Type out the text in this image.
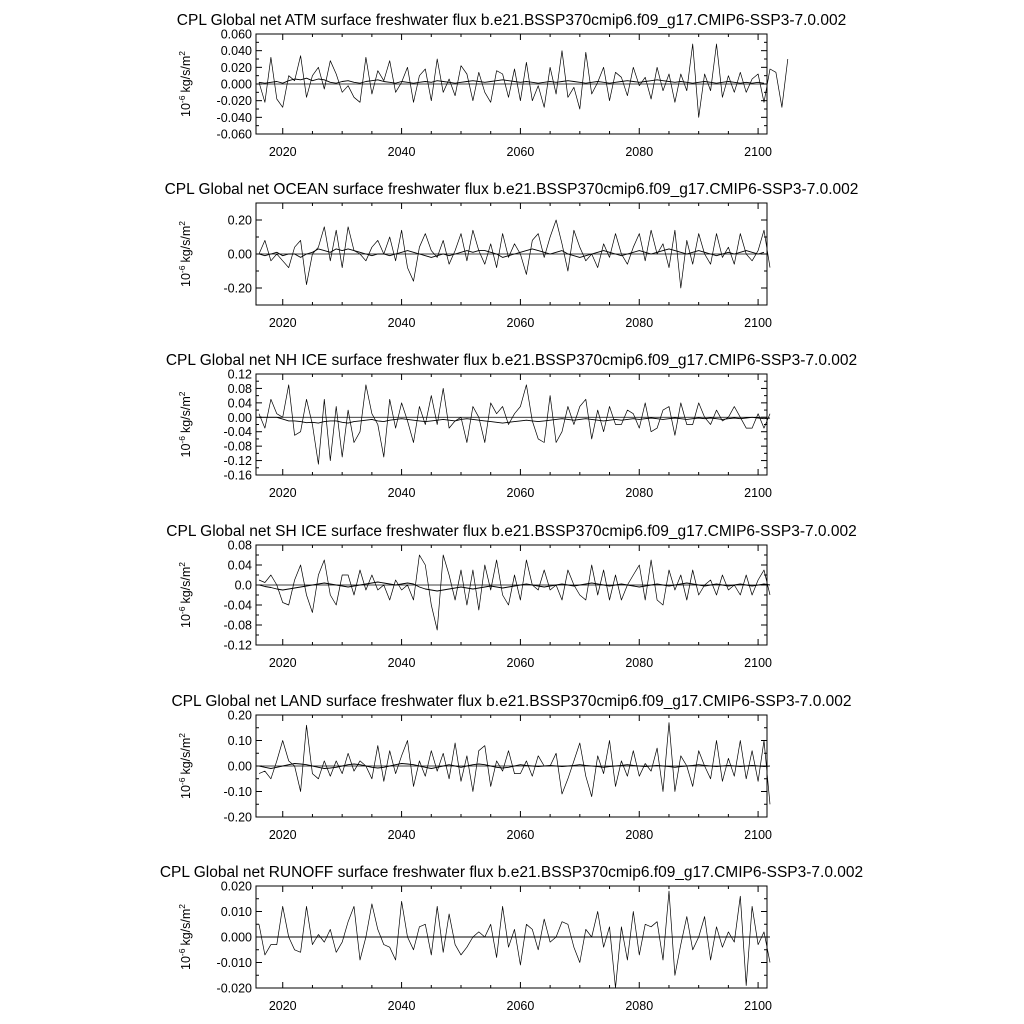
CPL Global net ATM surface freshwater flux b.e21.BSSP370cmip6.f09_g17.CMIP6-SSP3-7.0.002
0.060
0.040
0.020
0.000
-0.020
-0.040
-0.060
2020	2040	2060	2080	2100
$10^{-6}kg/s/m^2$
CPL Global net OCEAN surface freshwater flux b.e21.BSSP370cmip6.f09_g17.CMIP6-SSP3-7.0.002
0.20
0.00
-0.20
2020	2040	2060	2080	2100
$10^{-6}kg/s/m^2$
CPL Global net NH ICE surface freshwater flux b.e21.BSSP370cmip6.f09_g17.CMIP6-SSP3-7.0.002
0.12
0.08
0.04
0.00
-0.04
-0.08
-0.12
-0.16
2020	2040	2060	2080	2100
$10^{-6}kg/s/m^2$
CPL Global net SH ICE surface freshwater flux b.e21.BSSP370cmip6.f09_g17.CMIP6-SSP3-7.0.002
0.08
0.04
0.0
-0.04
-0.08
-0.12
2020	2040	2060	2080	2100
$10^{-6}kg/s/m^2$
CPL Global net LAND surface freshwater flux b.e21.BSSP370cmip6.f09_g17.CMIP6-SSP3-7.0.002
0.20
0.10
0.00
-0.10
-0.20
2020	2040	2060	2080	2100
$10^{-6}kg/s/m^2$
CPL Global net RUNOFF surface freshwater flux b.e21.BSSP370cmip6.f09_g17.CMIP6-SSP3-7.0.002
0.020
0.010
0.000
-0.010
-0.020
2020	2040	2060	2080	2100
$10^{-6}kg/s/m^2$
